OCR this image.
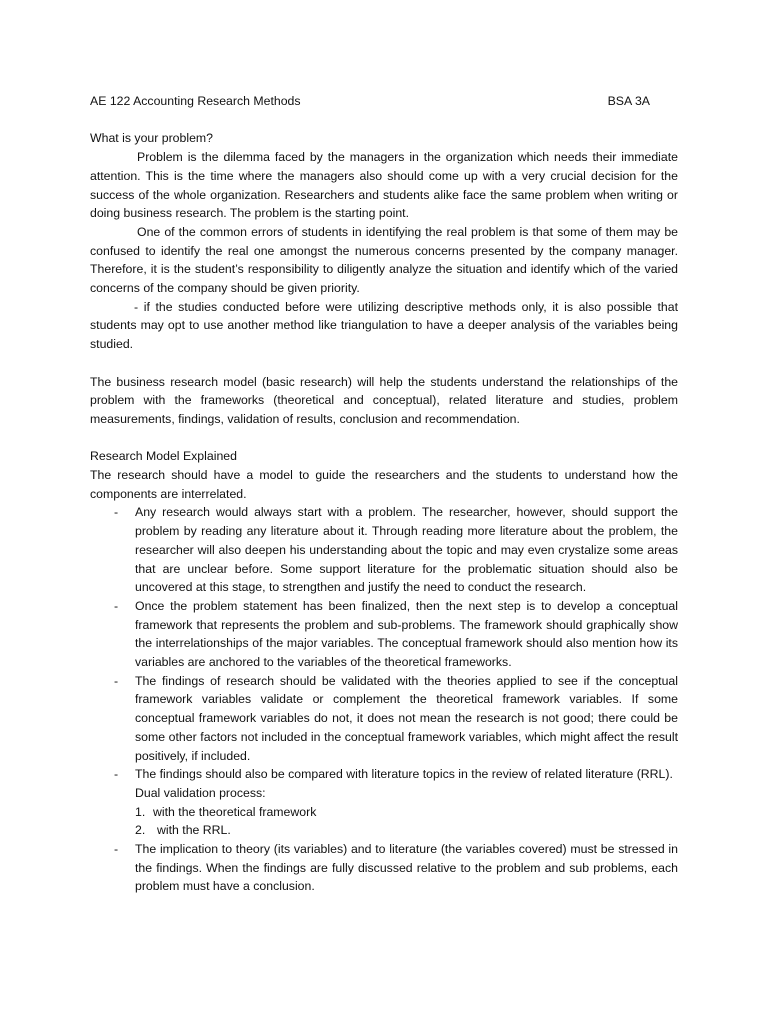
AE 122 Accounting Research Methods	BSA 3A

What is your problem?

Problem is the dilemma faced by the managers in the organization which needs their immediate attention. This is the time where the managers also should come up with a very crucial decision for the success of the whole organization. Researchers and students alike face the same problem when writing or doing business research. The problem is the starting point.

One of the common errors of students in identifying the real problem is that some of them may be confused to identify the real one amongst the numerous concerns presented by the company manager. Therefore, it is the student’s responsibility to diligently analyze the situation and identify which of the varied concerns of the company should be given priority.

- if the studies conducted before were utilizing descriptive methods only, it is also possible that students may opt to use another method like triangulation to have a deeper analysis of the variables being studied.

The business research model (basic research) will help the students understand the relationships of the problem with the frameworks (theoretical and conceptual), related literature and studies, problem measurements, findings, validation of results, conclusion and recommendation.

Research Model Explained

The research should have a model to guide the researchers and the students to understand how the components are interrelated.

- Any research would always start with a problem. The researcher, however, should support the problem by reading any literature about it. Through reading more literature about the problem, the researcher will also deepen his understanding about the topic and may even crystalize some areas that are unclear before. Some support literature for the problematic situation should also be uncovered at this stage, to strengthen and justify the need to conduct the research.
- Once the problem statement has been finalized, then the next step is to develop a conceptual framework that represents the problem and sub-problems. The framework should graphically show the interrelationships of the major variables. The conceptual framework should also mention how its variables are anchored to the variables of the theoretical frameworks.
- The findings of research should be validated with the theories applied to see if the conceptual framework variables validate or complement the theoretical framework variables. If some conceptual framework variables do not, it does not mean the research is not good; there could be some other factors not included in the conceptual framework variables, which might affect the result positively, if included.
- The findings should also be compared with literature topics in the review of related literature (RRL).
Dual validation process:
1. with the theoretical framework
2. with the RRL.
- The implication to theory (its variables) and to literature (the variables covered) must be stressed in the findings. When the findings are fully discussed relative to the problem and sub problems, each problem must have a conclusion.
